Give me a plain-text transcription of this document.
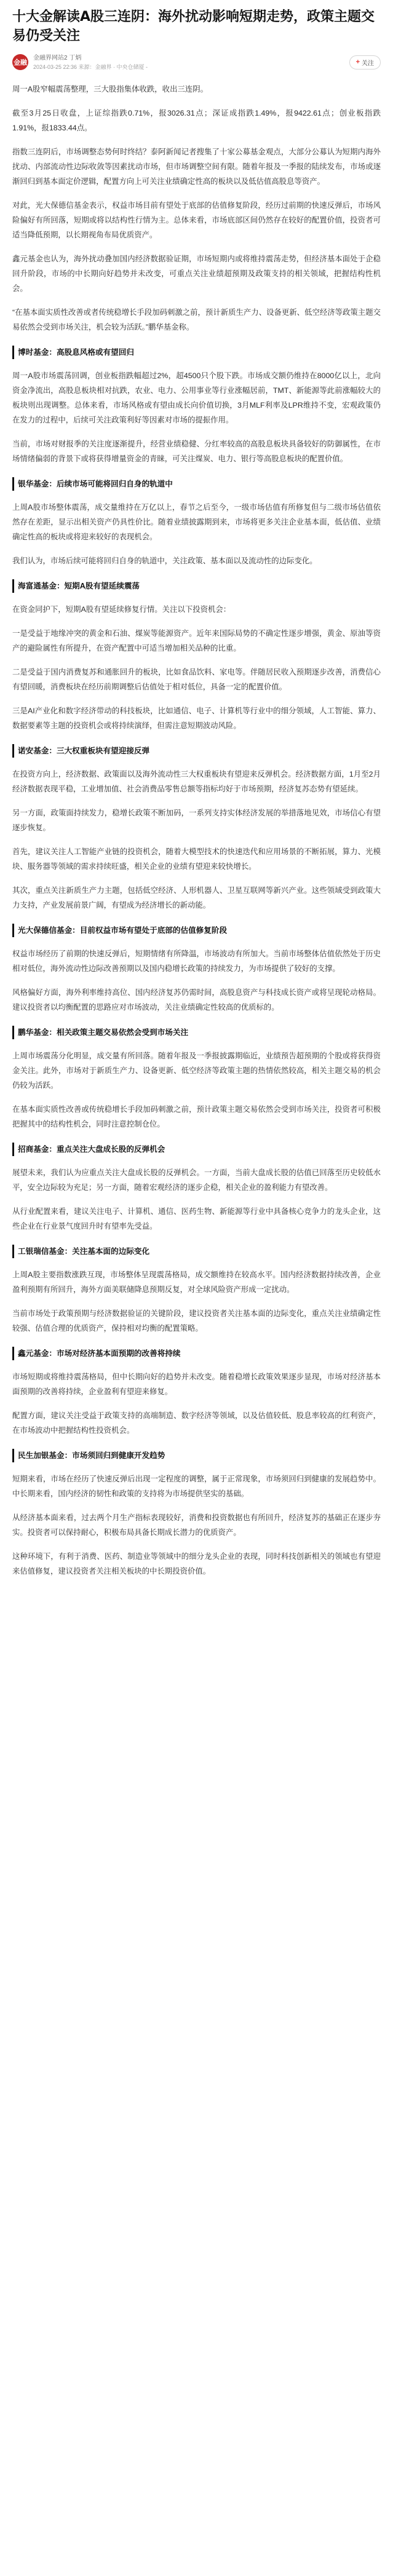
十大金解读A股三连阴：海外扰动影响短期走势，政策主题交易仍受关注
金融
金融界网站2 丁炳
2024-03-25 22:36 来源：金融界 · 中央仓储厦 -
+ 关注

周一A股窄幅震荡整理，三大股指集体收跌，收出三连阴。

截至3月25日收盘，上证综指跌0.71%，报3026.31点；深证成指跌1.49%，报9422.61点；创业板指跌1.91%，报1833.44点。

指数三连阴后，市场调整态势何时终结？泰阿新闻记者搜集了十家公募基金观点，大部分公募认为短期内海外扰动、内部流动性边际收敛等因素扰动市场，但市场调整空间有限。随着年报及一季报的陆续发布，市场或逐渐回归到基本面定价逻辑，配置方向上可关注业绩确定性高的板块以及低估值高股息等资产。

对此，光大保德信基金表示，权益市场目前有望处于底部的估值修复阶段，经历过前期的快速反弹后，市场风险偏好有所回落，短期或将以结构性行情为主。总体来看，市场底部区间仍然存在较好的配置价值，投资者可适当降低预期，以长期视角布局优质资产。

鑫元基金也认为，海外扰动叠加国内经济数据验证期，市场短期内或将维持震荡走势，但经济基本面处于企稳回升阶段，市场的中长期向好趋势并未改变，可重点关注业绩超预期及政策支持的相关领域，把握结构性机会。

“在基本面实质性改善或者传统稳增长手段加码刺激之前，预计新质生产力、设备更新、低空经济等政策主题交易依然会受到市场关注，机会较为活跃。”鹏华基金称。

博时基金：高股息风格或有望回归

周一A股市场震荡回调，创业板指跌幅超过2%，超4500只个股下跌。市场成交额仍维持在8000亿以上，北向资金净流出，高股息板块相对抗跌，农业、电力、公用事业等行业涨幅居前，TMT、新能源等此前涨幅较大的板块则出现调整。总体来看，市场风格或有望由成长向价值切换，3月MLF利率及LPR维持不变，宏观政策仍在发力的过程中，后续可关注政策利好等因素对市场的提振作用。

当前，市场对财报季的关注度逐渐提升，经营业绩稳健、分红率较高的高股息板块具备较好的防御属性，在市场情绪偏弱的背景下或将获得增量资金的青睐，可关注煤炭、电力、银行等高股息板块的配置价值。

银华基金：后续市场可能将回归自身的轨道中

上周A股市场整体震荡，成交量维持在万亿以上，春节之后至今，一级市场估值有所修复但与二级市场估值依然存在差距，显示出相关资产仍具性价比。随着业绩披露期到来，市场将更多关注企业基本面，低估值、业绩确定性高的板块或将迎来较好的表现机会。

我们认为，市场后续可能将回归自身的轨道中，关注政策、基本面以及流动性的边际变化。

海富通基金：短期A股有望延续震荡

在资金同护下，短期A股有望延续修复行情。关注以下投资机会：

一是受益于地缘冲突的黄金和石油、煤炭等能源资产。近年来国际局势的不确定性逐步增强，黄金、原油等资产的避险属性有所提升，在资产配置中可适当增加相关品种的比重。

二是受益于国内消费复苏和通胀回升的板块，比如食品饮料、家电等。伴随居民收入预期逐步改善，消费信心有望回暖，消费板块在经历前期调整后估值处于相对低位，具备一定的配置价值。

三是AI产业化和数字经济带动的科技板块，比如通信、电子、计算机等行业中的细分领域，人工智能、算力、数据要素等主题的投资机会或将持续演绎，但需注意短期波动风险。

诺安基金：三大权重板块有望迎接反弹

在投资方向上，经济数据、政策面以及海外流动性三大权重板块有望迎来反弹机会。经济数据方面，1月至2月经济数据表现平稳，工业增加值、社会消费品零售总额等指标均好于市场预期，经济复苏态势有望延续。

另一方面，政策面持续发力，稳增长政策不断加码，一系列支持实体经济发展的举措落地见效，市场信心有望逐步恢复。

首先，建议关注人工智能产业链的投资机会，随着大模型技术的快速迭代和应用场景的不断拓展，算力、光模块、服务器等领域的需求持续旺盛，相关企业的业绩有望迎来较快增长。

其次，重点关注新质生产力主题，包括低空经济、人形机器人、卫星互联网等新兴产业。这些领域受到政策大力支持，产业发展前景广阔，有望成为经济增长的新动能。

光大保德信基金：目前权益市场有望处于底部的估值修复阶段

权益市场经历了前期的快速反弹后，短期情绪有所降温，市场波动有所加大。当前市场整体估值依然处于历史相对低位，海外流动性边际改善预期以及国内稳增长政策的持续发力，为市场提供了较好的支撑。

风格偏好方面，海外利率维持高位、国内经济复苏仍需时间，高股息资产与科技成长资产或将呈现轮动格局。建议投资者以均衡配置的思路应对市场波动，关注业绩确定性较高的优质标的。

鹏华基金：相关政策主题交易依然会受到市场关注

上周市场震荡分化明显，成交量有所回落。随着年报及一季报披露期临近，业绩预告超预期的个股或将获得资金关注。此外，市场对于新质生产力、设备更新、低空经济等政策主题的热情依然较高，相关主题交易的机会仍较为活跃。

在基本面实质性改善或传统稳增长手段加码刺激之前，预计政策主题交易依然会受到市场关注，投资者可积极把握其中的结构性机会，同时注意控制仓位。

招商基金：重点关注大盘成长股的反弹机会

展望未来，我们认为应重点关注大盘成长股的反弹机会。一方面，当前大盘成长股的估值已回落至历史较低水平，安全边际较为充足；另一方面，随着宏观经济的逐步企稳，相关企业的盈利能力有望改善。

从行业配置来看，建议关注电子、计算机、通信、医药生物、新能源等行业中具备核心竞争力的龙头企业，这些企业在行业景气度回升时有望率先受益。

工银瑞信基金：关注基本面的边际变化

上周A股主要指数涨跌互现，市场整体呈现震荡格局，成交额维持在较高水平。国内经济数据持续改善，企业盈利预期有所回升，海外方面美联储降息预期反复，对全球风险资产形成一定扰动。

当前市场处于政策预期与经济数据验证的关键阶段，建议投资者关注基本面的边际变化，重点关注业绩确定性较强、估值合理的优质资产，保持相对均衡的配置策略。

鑫元基金：市场对经济基本面预期的改善将持续

市场短期或将维持震荡格局，但中长期向好的趋势并未改变。随着稳增长政策效果逐步显现，市场对经济基本面预期的改善将持续，企业盈利有望迎来修复。

配置方面，建议关注受益于政策支持的高端制造、数字经济等领域，以及估值较低、股息率较高的红利资产，在市场波动中把握结构性投资机会。

民生加银基金：市场须回归到健康开发趋势

短期来看，市场在经历了快速反弹后出现一定程度的调整，属于正常现象，市场须回归到健康的发展趋势中。中长期来看，国内经济的韧性和政策的支持将为市场提供坚实的基础。

从经济基本面来看，过去两个月生产指标表现较好，消费和投资数据也有所回升，经济复苏的基础正在逐步夯实。投资者可以保持耐心，积极布局具备长期成长潜力的优质资产。

这种环境下，有利于消费、医药、制造业等领域中的细分龙头企业的表现，同时科技创新相关的领域也有望迎来估值修复，建议投资者关注相关板块的中长期投资价值。
